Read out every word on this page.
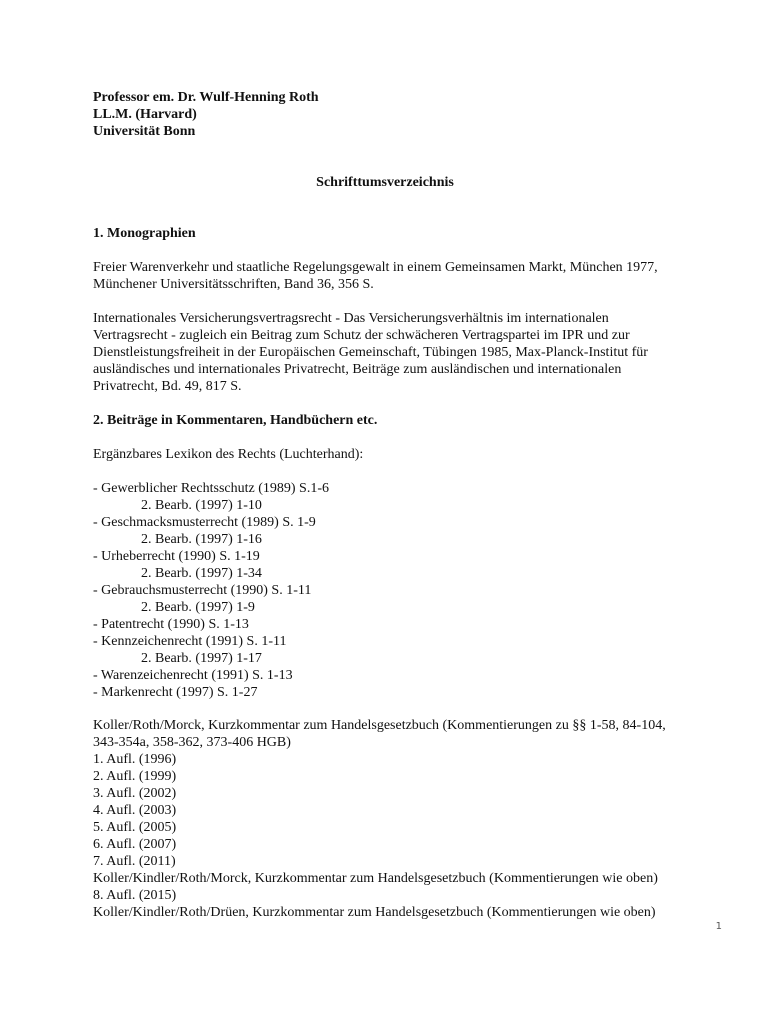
Professor em. Dr. Wulf-Henning Roth
LL.M. (Harvard)
Universität Bonn
Schrifttumsverzeichnis
1. Monographien
Freier Warenverkehr und staatliche Regelungsgewalt in einem Gemeinsamen Markt, München 1977,
Münchener Universitätsschriften, Band 36, 356 S.
Internationales Versicherungsvertragsrecht - Das Versicherungsverhältnis im internationalen
Vertragsrecht - zugleich ein Beitrag zum Schutz der schwächeren Vertragspartei im IPR und zur
Dienstleistungsfreiheit in der Europäischen Gemeinschaft, Tübingen 1985, Max-Planck-Institut für
ausländisches und internationales Privatrecht, Beiträge zum ausländischen und internationalen
Privatrecht, Bd. 49, 817 S.
2. Beiträge in Kommentaren, Handbüchern etc.
Ergänzbares Lexikon des Rechts (Luchterhand):
- Gewerblicher Rechtsschutz (1989) S.1-6
2. Bearb. (1997) 1-10
- Geschmacksmusterrecht (1989) S. 1-9
2. Bearb. (1997) 1-16
- Urheberrecht (1990) S. 1-19
2. Bearb. (1997) 1-34
- Gebrauchsmusterrecht (1990) S. 1-11
2. Bearb. (1997) 1-9
- Patentrecht (1990) S. 1-13
- Kennzeichenrecht (1991) S. 1-11
2. Bearb. (1997) 1-17
- Warenzeichenrecht (1991) S. 1-13
- Markenrecht (1997) S. 1-27
Koller/Roth/Morck, Kurzkommentar zum Handelsgesetzbuch (Kommentierungen zu §§ 1-58, 84-104,
343-354a, 358-362, 373-406 HGB)
1. Aufl. (1996)
2. Aufl. (1999)
3. Aufl. (2002)
4. Aufl. (2003)
5. Aufl. (2005)
6. Aufl. (2007)
7. Aufl. (2011)
Koller/Kindler/Roth/Morck, Kurzkommentar zum Handelsgesetzbuch (Kommentierungen wie oben)
8. Aufl. (2015)
Koller/Kindler/Roth/Drüen, Kurzkommentar zum Handelsgesetzbuch (Kommentierungen wie oben)
1
